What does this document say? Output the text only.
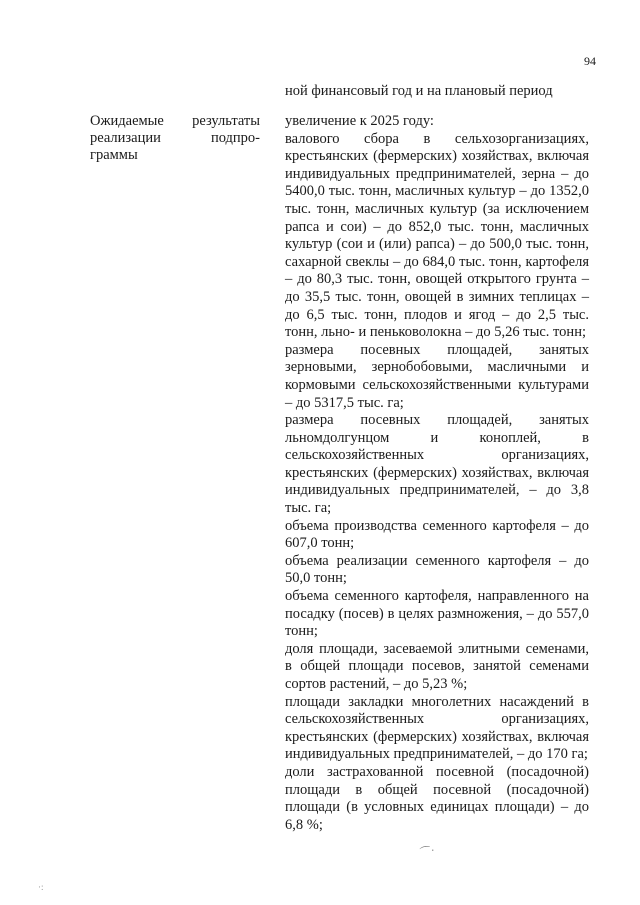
94
ной финансовый год и на плановый период
Ожидаемые результаты
реализации	подпро-
граммы

увеличение к 2025 году:

валового сбора в сельхозорганизациях, крестьянских (фермерских) хозяйствах, включая индивидуальных предпринимателей, зерна – до 5400,0 тыс. тонн, масличных культур – до 1352,0 тыс. тонн, масличных культур (за исключением рапса и сои) – до 852,0 тыс. тонн, масличных культур (сои и (или) рапса) – до 500,0 тыс. тонн, сахарной свеклы – до 684,0 тыс. тонн, картофеля – до 80,3 тыс. тонн, овощей открытого грунта – до 35,5 тыс. тонн, овощей в зимних теплицах – до 6,5 тыс. тонн, плодов и ягод – до 2,5 тыс. тонн, льно- и пеньковолокна – до 5,26 тыс. тонн;

размера посевных площадей, занятых зерновыми, зернобобовыми, масличными и кормовыми сельскохозяйственными культурами – до 5317,5 тыс. га;

размера посевных площадей, занятых льномдолгунцом и коноплей, в сельскохозяйственных организациях, крестьянских (фермерских) хозяйствах, включая индивидуальных предпринимателей, – до 3,8 тыс. га;

объема производства семенного картофеля – до 607,0 тонн;

объема реализации семенного картофеля – до 50,0 тонн;

объема семенного картофеля, направленного на посадку (посев) в целях размножения, – до 557,0 тонн;

доля площади, засеваемой элитными семенами, в общей площади посевов, занятой семенами сортов растений, – до 5,23 %;

площади закладки многолетних насаждений в сельскохозяйственных организациях, крестьянских (фермерских) хозяйствах, включая индивидуальных предпринимателей, – до 170 га;

доли застрахованной посевной (посадочной) площади в общей посевной (посадочной) площади (в условных единицах площади) – до 6,8 %;

⌒·
·:
